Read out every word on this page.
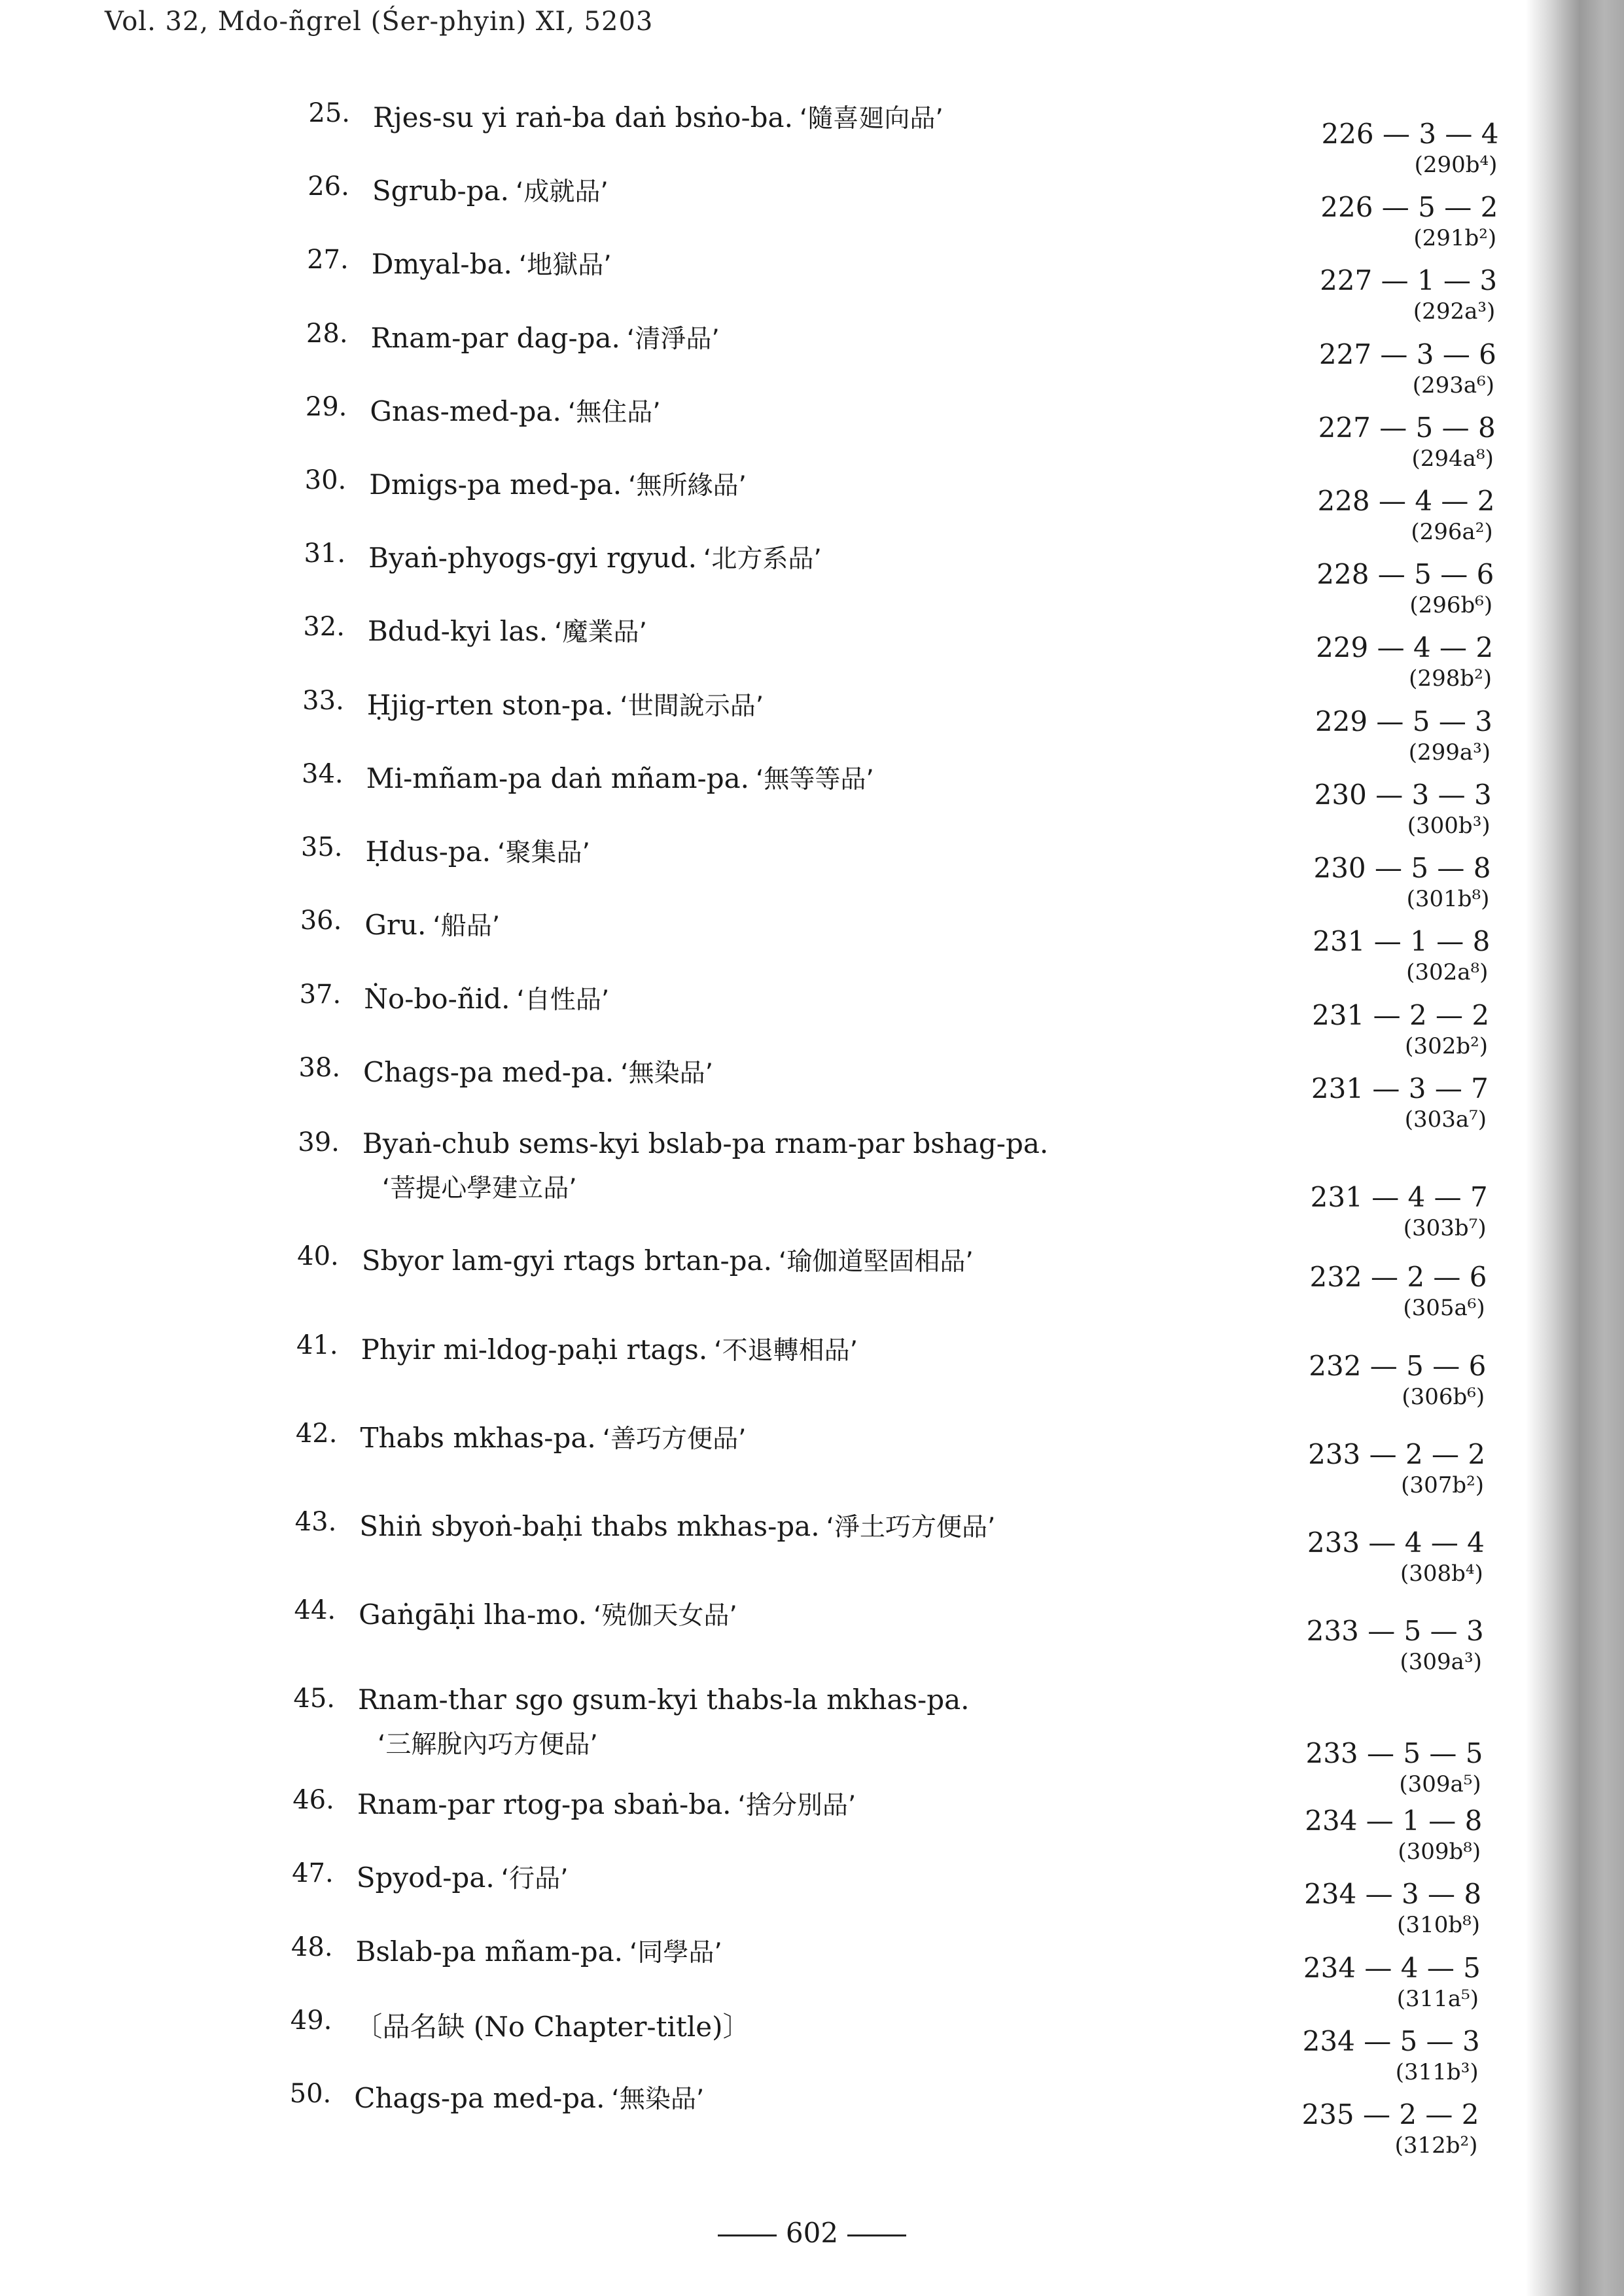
Vol. 32, Mdo-ñgrel (Śer-phyin) XI, 5203
25. Rjes-su yi raṅ-ba daṅ bsṅo-ba. ‘隨喜廻向品’	226 — 3 — 4
(290b⁴)
26. Sgrub-pa. ‘成就品’	226 — 5 — 2
(291b²)
27. Dmyal-ba. ‘地獄品’	227 — 1 — 3
(292a³)
28. Rnam-par dag-pa. ‘清淨品’	227 — 3 — 6
(293a⁶)
29. Gnas-med-pa. ‘無住品’	227 — 5 — 8
(294a⁸)
30. Dmigs-pa med-pa. ‘無所緣品’	228 — 4 — 2
(296a²)
31. Byaṅ-phyogs-gyi rgyud. ‘北方系品’	228 — 5 — 6
(296b⁶)
32. Bdud-kyi las. ‘魔業品’	229 — 4 — 2
(298b²)
33. Ḥjig-rten ston-pa. ‘世間說示品’	229 — 5 — 3
(299a³)
34. Mi-mñam-pa daṅ mñam-pa. ‘無等等品’	230 — 3 — 3
(300b³)
35. Ḥdus-pa. ‘聚集品’	230 — 5 — 8
(301b⁸)
36. Gru. ‘船品’	231 — 1 — 8
(302a⁸)
37. Ṅo-bo-ñid. ‘自性品’	231 — 2 — 2
(302b²)
38. Chags-pa med-pa. ‘無染品’	231 — 3 — 7
(303a⁷)
39. Byaṅ-chub sems-kyi bslab-pa rnam-par bshag-pa.
‘菩提心學建立品’	231 — 4 — 7
(303b⁷)
40. Sbyor lam-gyi rtags brtan-pa. ‘瑜伽道堅固相品’	232 — 2 — 6
(305a⁶)
41. Phyir mi-ldog-paḥi rtags. ‘不退轉相品’	232 — 5 — 6
(306b⁶)
42. Thabs mkhas-pa. ‘善巧方便品’	233 — 2 — 2
(307b²)
43. Shiṅ sbyoṅ-baḥi thabs mkhas-pa. ‘淨土巧方便品’	233 — 4 — 4
(308b⁴)
44. Gaṅgāḥi lha-mo. ‘殑伽天女品’	233 — 5 — 3
(309a³)
45. Rnam-thar sgo gsum-kyi thabs-la mkhas-pa.
‘三解脫內巧方便品’	233 — 5 — 5
(309a⁵)
46. Rnam-par rtog-pa sbaṅ-ba. ‘捨分別品’	234 — 1 — 8
(309b⁸)
47. Spyod-pa. ‘行品’	234 — 3 — 8
(310b⁸)
48. Bslab-pa mñam-pa. ‘同學品’	234 — 4 — 5
(311a⁵)
49. 〔品名缺 (No Chapter-title)〕	234 — 5 — 3
(311b³)
50. Chags-pa med-pa. ‘無染品’	235 — 2 — 2
(312b²)
602
